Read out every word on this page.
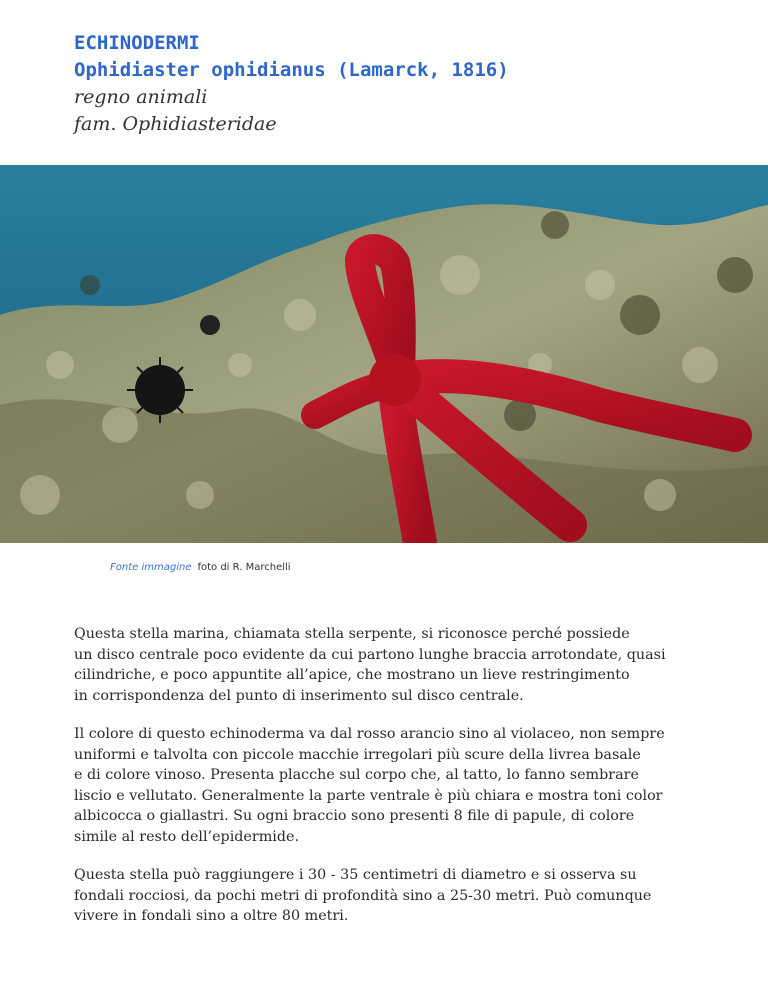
ECHINODERMI
Ophidiaster ophidianus (Lamarck, 1816)
regno animali
fam. Ophidiasteridae
Fonte immagine foto di R. Marchelli

Questa stella marina, chiamata stella serpente, si riconosce perché possiede
un disco centrale poco evidente da cui partono lunghe braccia arrotondate, quasi
cilindriche, e poco appuntite all’apice, che mostrano un lieve restringimento
in corrispondenza del punto di inserimento sul disco centrale.

Il colore di questo echinoderma va dal rosso arancio sino al violaceo, non sempre
uniformi e talvolta con piccole macchie irregolari più scure della livrea basale
e di colore vinoso. Presenta placche sul corpo che, al tatto, lo fanno sembrare
liscio e vellutato. Generalmente la parte ventrale è più chiara e mostra toni color
albicocca o giallastri. Su ogni braccio sono presenti 8 file di papule, di colore
simile al resto dell’epidermide.

Questa stella può raggiungere i 30 - 35 centimetri di diametro e si osserva su
fondali rocciosi, da pochi metri di profondità sino a 25-30 metri. Può comunque
vivere in fondali sino a oltre 80 metri.
